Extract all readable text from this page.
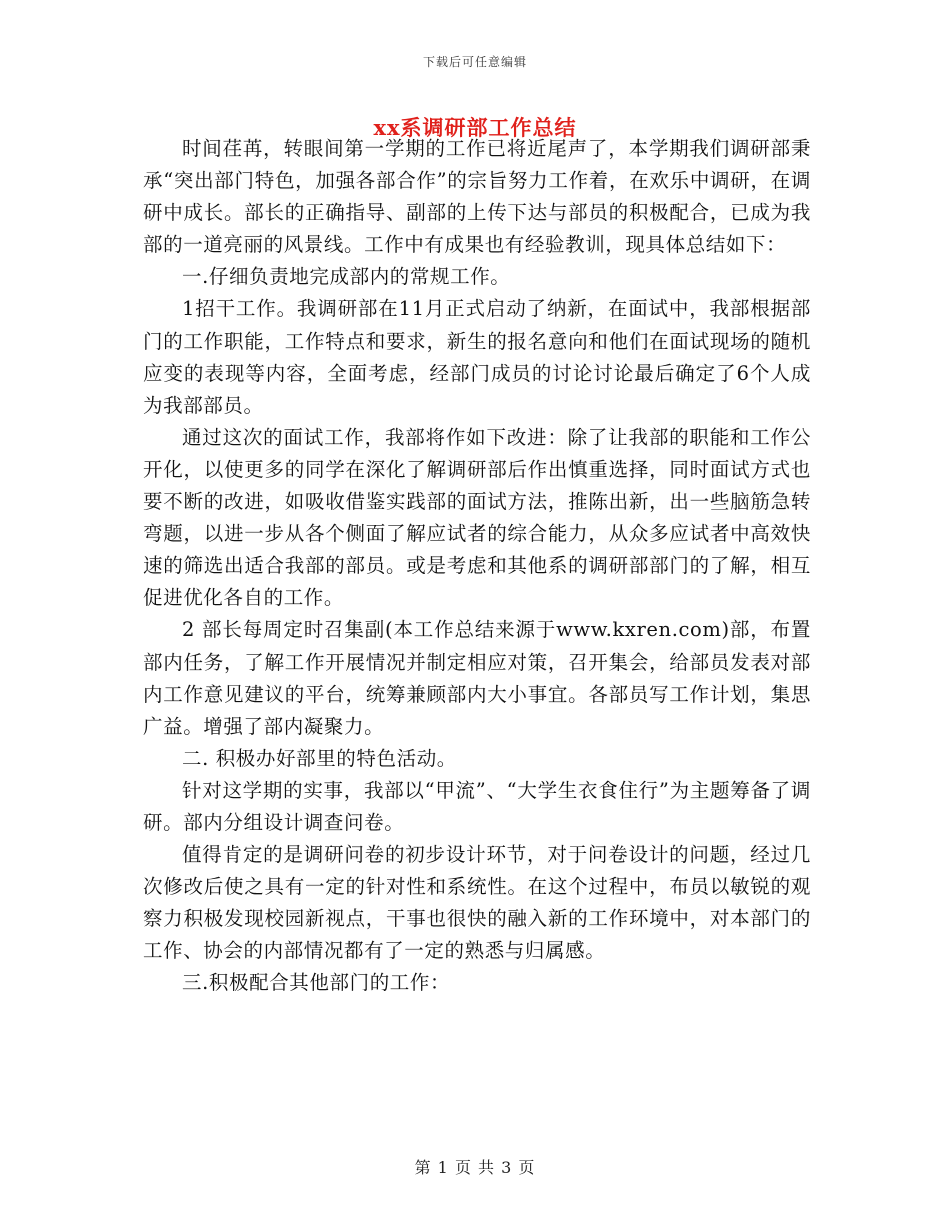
下载后可任意编辑
xx系调研部工作总结

时间荏苒，转眼间第一学期的工作已将近尾声了，本学期我们调研部秉承“突出部门特色，加强各部合作”的宗旨努力工作着，在欢乐中调研，在调研中成长。部长的正确指导、副部的上传下达与部员的积极配合，已成为我部的一道亮丽的风景线。工作中有成果也有经验教训，现具体总结如下：

一.仔细负责地完成部内的常规工作。

1招干工作。我调研部在11月正式启动了纳新，在面试中，我部根据部门的工作职能，工作特点和要求，新生的报名意向和他们在面试现场的随机应变的表现等内容，全面考虑，经部门成员的讨论讨论最后确定了6个人成为我部部员。

通过这次的面试工作，我部将作如下改进：除了让我部的职能和工作公开化，以使更多的同学在深化了解调研部后作出慎重选择，同时面试方式也要不断的改进，如吸收借鉴实践部的面试方法，推陈出新，出一些脑筋急转弯题，以进一步从各个侧面了解应试者的综合能力，从众多应试者中高效快速的筛选出适合我部的部员。或是考虑和其他系的调研部部门的了解，相互促进优化各自的工作。

2 部长每周定时召集副(本工作总结来源于www.kxren.com)部，布置部内任务，了解工作开展情况并制定相应对策，召开集会，给部员发表对部内工作意见建议的平台，统筹兼顾部内大小事宜。各部员写工作计划，集思广益。增强了部内凝聚力。

二. 积极办好部里的特色活动。

针对这学期的实事，我部以“甲流”、“大学生衣食住行”为主题筹备了调研。部内分组设计调查问卷。

值得肯定的是调研问卷的初步设计环节，对于问卷设计的问题，经过几次修改后使之具有一定的针对性和系统性。在这个过程中，布员以敏锐的观察力积极发现校园新视点，干事也很快的融入新的工作环境中，对本部门的工作、协会的内部情况都有了一定的熟悉与归属感。

三.积极配合其他部门的工作：

第 1 页 共 3 页
